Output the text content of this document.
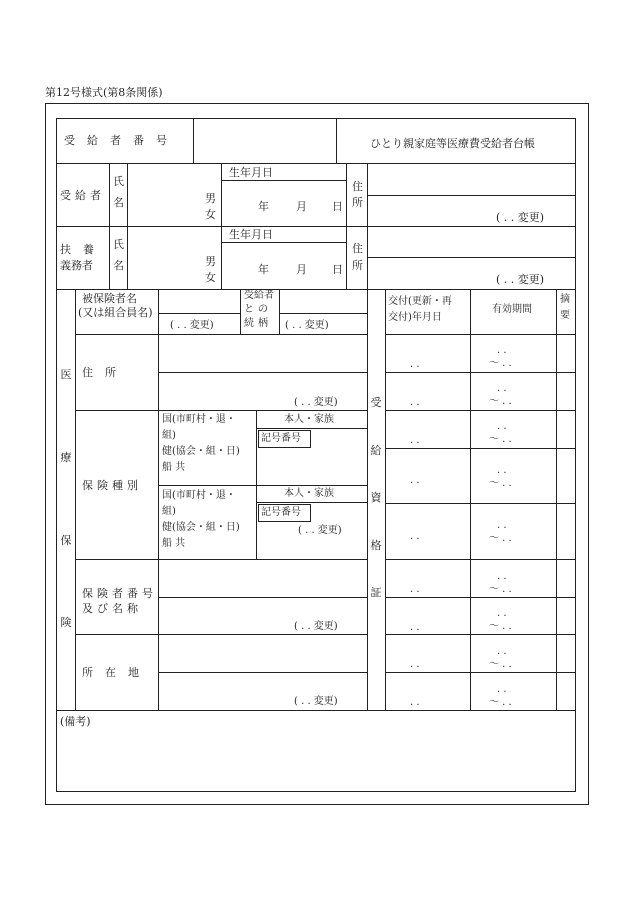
第12号様式(第8条関係)
ひとり親家庭等医療費受給者台帳
受給者番号
受給者
氏
名	男
女
生年月日
年 月 日
住
所
( . . 変更)
扶養
義務者
氏
名	男
女
生年月日
年 月 日
住
所
( . . 変更)
医
療
保
険
被保険者名
(又は組合員名)
( . . 変更)
受給者
との
続柄 ( . . 変更)
住所
( . . 変更)
保険種別
国(市町村・退・
組)
健(協会・組・日)
船 共
本人・家族
記号番号
国(市町村・退・
組)
健(協会・組・日)
船 共
本人・家族
記号番号
( . . 変更)
保険者番号
及び名称
( . . 変更)
所在地
( . . 変更)
受
給
資
格
証
交付(更新・再
交付)年月日
有効期間
摘
要
. .
. .
. .
. .
. .
. .
. .
. .
. .
. .
〜 . .
. .
〜 . .
. .
〜 . .
. .
〜 . .
. .
〜 . .
. .
〜 . .
. .
〜 . .
. .
〜 . .
. .
〜 . .
(備考)
